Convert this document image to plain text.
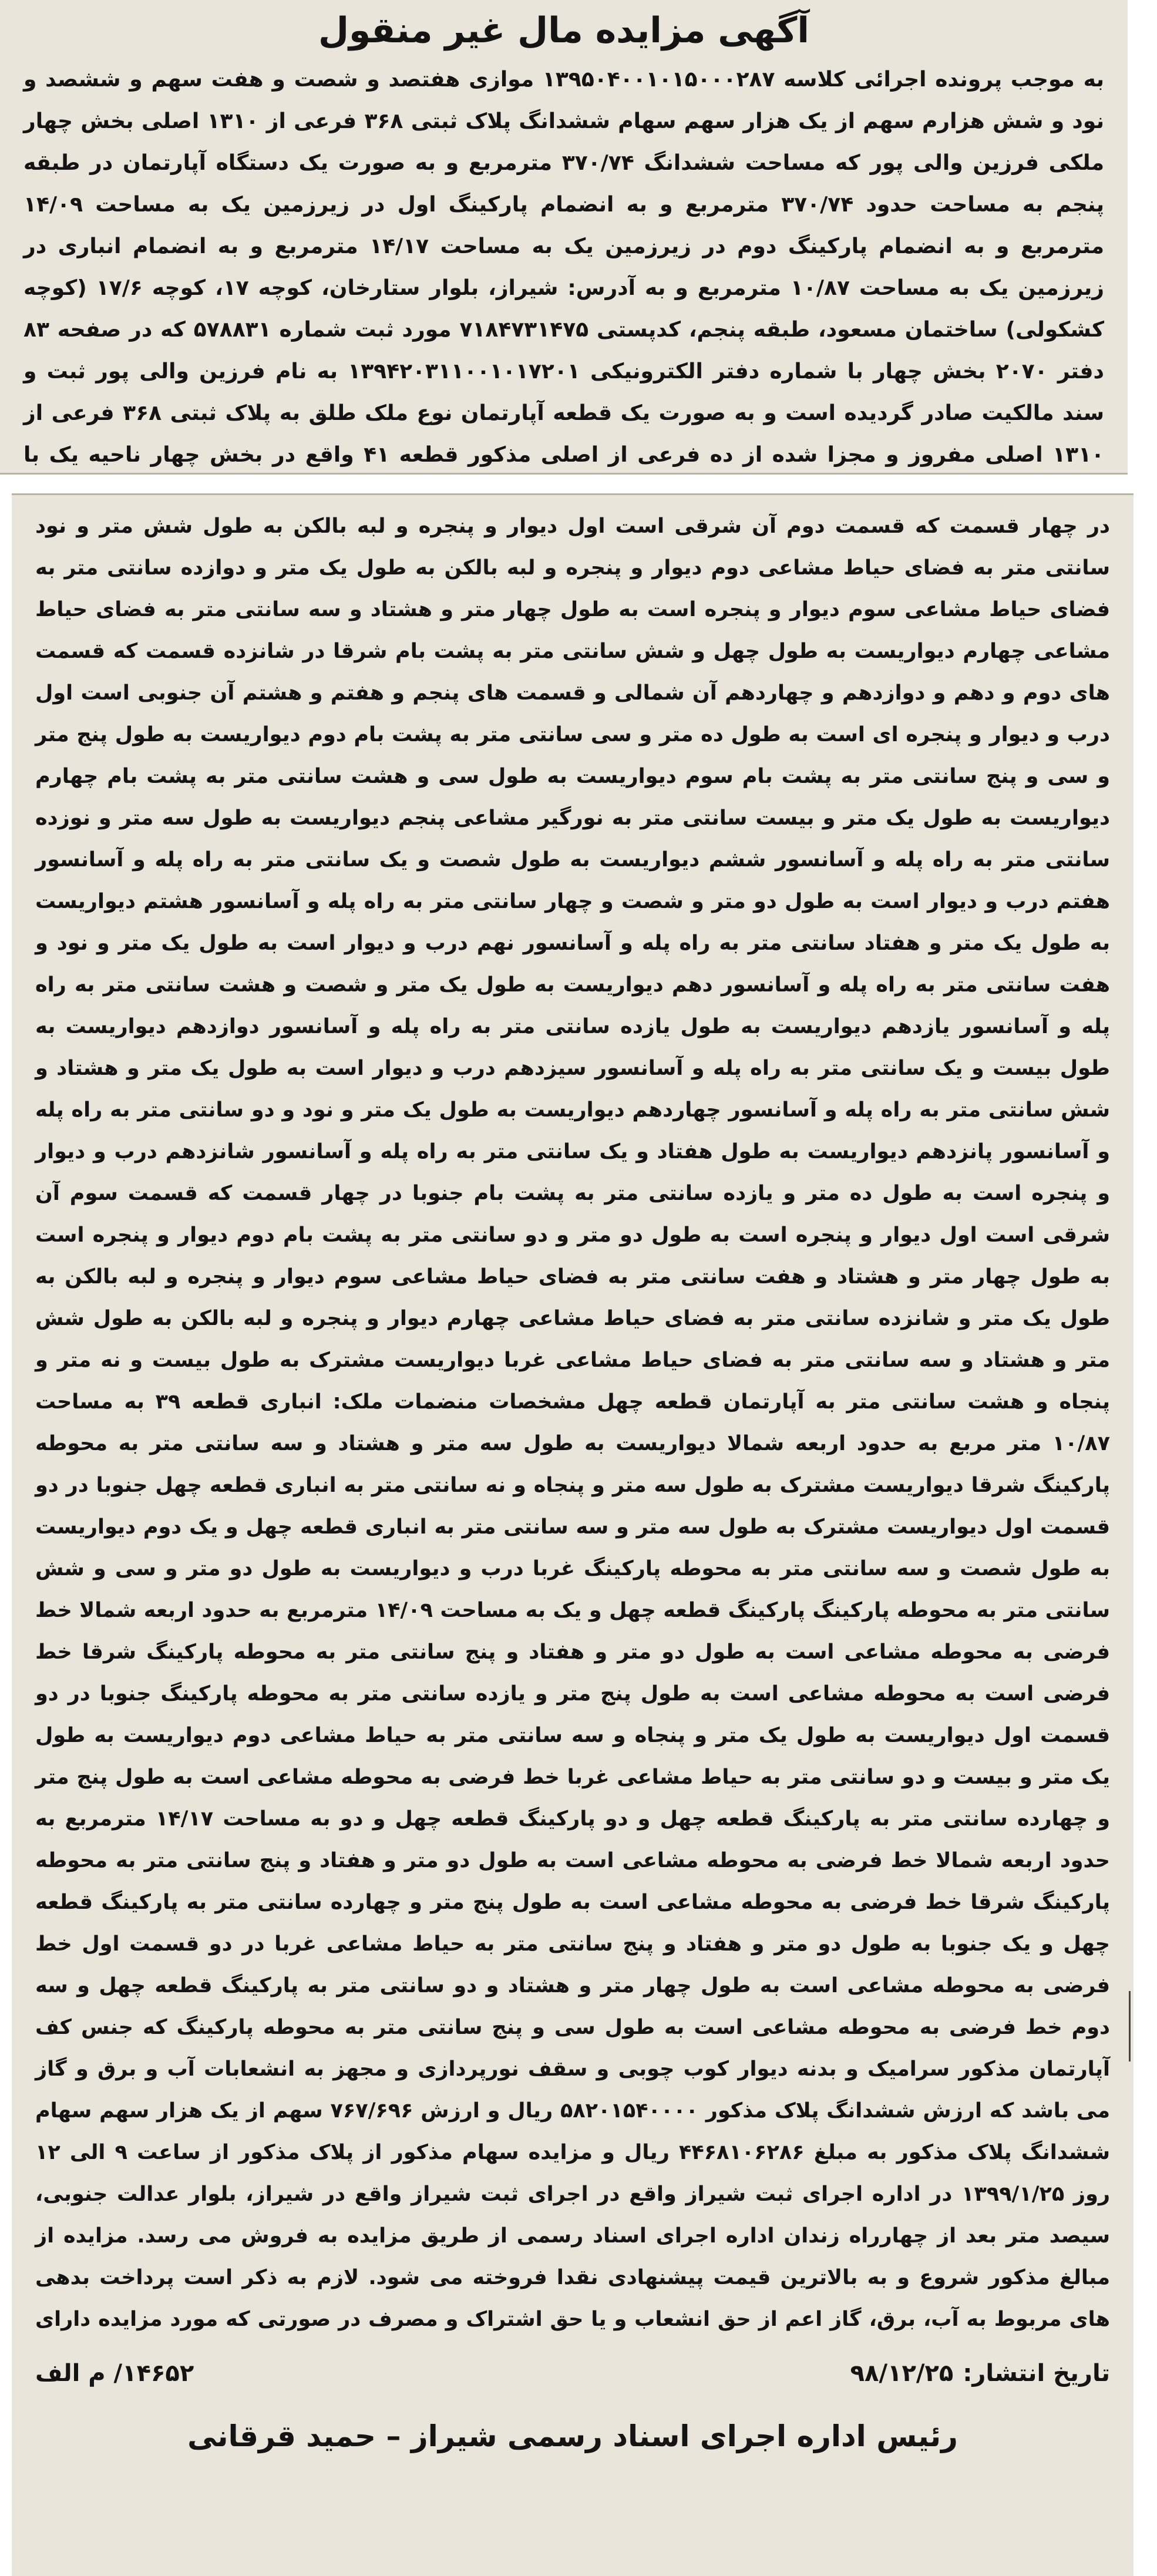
آگهی مزایده مال غیر منقول
به موجب پرونده اجرائی کلاسه ۱۳۹۵۰۴۰۰۱۰۱۵۰۰۰۲۸۷ موازی هفتصد و شصت و هفت سهم و ششصد و نود و شش هزارم سهم از یک هزار سهم سهام ششدانگ پلاک ثبتی ۳۶۸ فرعی از ۱۳۱۰ اصلی بخش چهار ملکی فرزین والی پور که مساحت ششدانگ ۳۷۰/۷۴ مترمربع و به صورت یک دستگاه آپارتمان در طبقه پنجم به مساحت حدود ۳۷۰/۷۴ مترمربع و به انضمام پارکینگ اول در زیرزمین یک به مساحت ۱۴/۰۹ مترمربع و به انضمام پارکینگ دوم در زیرزمین یک به مساحت ۱۴/۱۷ مترمربع و به انضمام انباری در زیرزمین یک به مساحت ۱۰/۸۷ مترمربع و به آدرس: شیراز، بلوار ستارخان، کوچه ۱۷، کوچه ۱۷/۶ (کوچه کشکولی) ساختمان مسعود، طبقه پنجم، کدپستی ۷۱۸۴۷۳۱۴۷۵ مورد ثبت شماره ۵۷۸۸۳۱ که در صفحه ۸۳ دفتر ۲۰۷۰ بخش چهار با شماره دفتر الکترونیکی ۱۳۹۴۲۰۳۱۱۰۰۱۰۱۷۲۰۱ به نام فرزین والی پور ثبت و سند مالکیت صادر گردیده است و به صورت یک قطعه آپارتمان نوع ملک طلق به پلاک ثبتی ۳۶۸ فرعی از ۱۳۱۰ اصلی مفروز و مجزا شده از ده فرعی از اصلی مذکور قطعه ۴۱ واقع در بخش چهار ناحیه یک با
در چهار قسمت که قسمت دوم آن شرقی است اول دیوار و پنجره و لبه بالکن به طول شش متر و نود سانتی متر به فضای حیاط مشاعی دوم دیوار و پنجره و لبه بالکن به طول یک متر و دوازده سانتی متر به فضای حیاط مشاعی سوم دیوار و پنجره است به طول چهار متر و هشتاد و سه سانتی متر به فضای حیاط مشاعی چهارم دیواریست به طول چهل و شش سانتی متر به پشت بام شرقا در شانزده قسمت که قسمت های دوم و دهم و دوازدهم و چهاردهم آن شمالی و قسمت های پنجم و هفتم و هشتم آن جنوبی است اول درب و دیوار و پنجره ای است به طول ده متر و سی سانتی متر به پشت بام دوم دیواریست به طول پنج متر و سی و پنج سانتی متر به پشت بام سوم دیواریست به طول سی و هشت سانتی متر به پشت بام چهارم دیواریست به طول یک متر و بیست سانتی متر به نورگیر مشاعی پنجم دیواریست به طول سه متر و نوزده سانتی متر به راه پله و آسانسور ششم دیواریست به طول شصت و یک سانتی متر به راه پله و آسانسور هفتم درب و دیوار است به طول دو متر و شصت و چهار سانتی متر به راه پله و آسانسور هشتم دیواریست به طول یک متر و هفتاد سانتی متر به راه پله و آسانسور نهم درب و دیوار است به طول یک متر و نود و هفت سانتی متر به راه پله و آسانسور دهم دیواریست به طول یک متر و شصت و هشت سانتی متر به راه پله و آسانسور یازدهم دیواریست به طول یازده سانتی متر به راه پله و آسانسور دوازدهم دیواریست به طول بیست و یک سانتی متر به راه پله و آسانسور سیزدهم درب و دیوار است به طول یک متر و هشتاد و شش سانتی متر به راه پله و آسانسور چهاردهم دیواریست به طول یک متر و نود و دو سانتی متر به راه پله و آسانسور پانزدهم دیواریست به طول هفتاد و یک سانتی متر به راه پله و آسانسور شانزدهم درب و دیوار و پنجره است به طول ده متر و یازده سانتی متر به پشت بام جنوبا در چهار قسمت که قسمت سوم آن شرقی است اول دیوار و پنجره است به طول دو متر و دو سانتی متر به پشت بام دوم دیوار و پنجره است به طول چهار متر و هشتاد و هفت سانتی متر به فضای حیاط مشاعی سوم دیوار و پنجره و لبه بالکن به طول یک متر و شانزده سانتی متر به فضای حیاط مشاعی چهارم دیوار و پنجره و لبه بالکن به طول شش متر و هشتاد و سه سانتی متر به فضای حیاط مشاعی غربا دیواریست مشترک به طول بیست و نه متر و پنجاه و هشت سانتی متر به آپارتمان قطعه چهل مشخصات منضمات ملک: انباری قطعه ۳۹ به مساحت ۱۰/۸۷ متر مربع به حدود اربعه شمالا دیواریست به طول سه متر و هشتاد و سه سانتی متر به محوطه پارکینگ شرقا دیواریست مشترک به طول سه متر و پنجاه و نه سانتی متر به انباری قطعه چهل جنوبا در دو قسمت اول دیواریست مشترک به طول سه متر و سه سانتی متر به انباری قطعه چهل و یک دوم دیواریست به طول شصت و سه سانتی متر به محوطه پارکینگ غربا درب و دیواریست به طول دو متر و سی و شش سانتی متر به محوطه پارکینگ پارکینگ قطعه چهل و یک به مساحت ۱۴/۰۹ مترمربع به حدود اربعه شمالا خط فرضی به محوطه مشاعی است به طول دو متر و هفتاد و پنج سانتی متر به محوطه پارکینگ شرقا خط فرضی است به محوطه مشاعی است به طول پنج متر و یازده سانتی متر به محوطه پارکینگ جنوبا در دو قسمت اول دیواریست به طول یک متر و پنجاه و سه سانتی متر به حیاط مشاعی دوم دیواریست به طول یک متر و بیست و دو سانتی متر به حیاط مشاعی غربا خط فرضی به محوطه مشاعی است به طول پنج متر و چهارده سانتی متر به پارکینگ قطعه چهل و دو پارکینگ قطعه چهل و دو به مساحت ۱۴/۱۷ مترمربع به حدود اربعه شمالا خط فرضی به محوطه مشاعی است به طول دو متر و هفتاد و پنج سانتی متر به محوطه پارکینگ شرقا خط فرضی به محوطه مشاعی است به طول پنج متر و چهارده سانتی متر به پارکینگ قطعه چهل و یک جنوبا به طول دو متر و هفتاد و پنج سانتی متر به حیاط مشاعی غربا در دو قسمت اول خط فرضی به محوطه مشاعی است به طول چهار متر و هشتاد و دو سانتی متر به پارکینگ قطعه چهل و سه دوم خط فرضی به محوطه مشاعی است به طول سی و پنج سانتی متر به محوطه پارکینگ که جنس کف آپارتمان مذکور سرامیک و بدنه دیوار کوب چوبی و سقف نورپردازی و مجهز به انشعابات آب و برق و گاز می باشد که ارزش ششدانگ پلاک مذکور ۵۸۲۰۱۵۴۰۰۰۰ ریال و ارزش ۷۶۷/۶۹۶ سهم از یک هزار سهم سهام ششدانگ پلاک مذکور به مبلغ ۴۴۶۸۱۰۶۲۸۶ ریال و مزایده سهام مذکور از پلاک مذکور از ساعت ۹ الی ۱۲ روز ۱۳۹۹/۱/۲۵ در اداره اجرای ثبت شیراز واقع در اجرای ثبت شیراز واقع در شیراز، بلوار عدالت جنوبی، سیصد متر بعد از چهارراه زندان اداره اجرای اسناد رسمی از طریق مزایده به فروش می رسد. مزایده از مبالغ مذکور شروع و به بالاترین قیمت پیشنهادی نقدا فروخته می شود. لازم به ذکر است پرداخت بدهی های مربوط به آب، برق، گاز اعم از حق انشعاب و یا حق اشتراک و مصرف در صورتی که مورد مزایده دارای
تاریخ انتشار:
۹۸/۱۲/۲۵
۱۴۶۵۲/ م الف
رئیس اداره اجرای اسناد رسمی شیراز – حمید قرقانی
